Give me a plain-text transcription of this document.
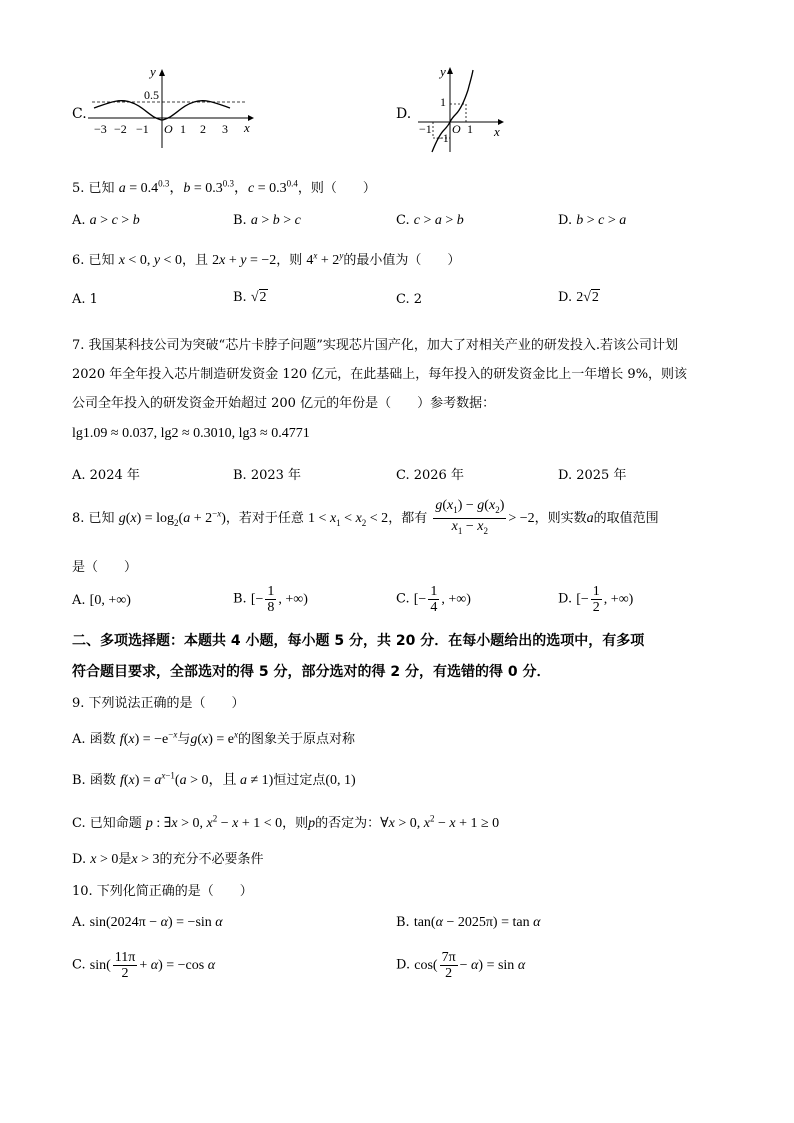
C.
y
0.5
x
−3 −2 −1 O 1 2 3
D.
y
1
−1	x
−1 O 1
5. 已知 $a = 0.4^{0.3}$，$b = 0.3^{0.3}$，$c = 0.3^{0.4}$，则（　　）
A. a > c > b	B. a > b > c	C. c > a > b	D. b > c > a
6. 已知 x < 0, y < 0，且 2x + y = −2，则 $4^x + 2^y$的最小值为（　　）
A. 1	B. √2	C. 2	D. 2√2
7. 我国某科技公司为突破“芯片卡脖子问题”实现芯片国产化，加大了对相关产业的研发投入.若该公司计划
2020 年全年投入芯片制造研发资金 120 亿元，在此基础上，每年投入的研发资金比上一年增长 9%，则该
公司全年投入的研发资金开始超过 200 亿元的年份是（　　）参考数据：
lg1.09 ≈ 0.037, lg2 ≈ 0.3010, lg3 ≈ 0.4771
A. 2024 年	B. 2023 年	C. 2026 年	D. 2025 年
8. 已知 $g(x) = \log_2(a + 2^{-x})$，若对于任意 $1 < x_1 < x_2 < 2$，都有 $\frac{g(x_1) - g(x_2)}{x_1 - x_2} > -2$，则实数a的取值范围
是（　　）
A. [0, +∞)	B. [− $\frac{1}{8}$ , +∞)	C. [− $\frac{1}{4}$ , +∞)	D. [− $\frac{1}{2}$ , +∞)
二、多项选择题：本题共 4 小题，每小题 5 分，共 20 分．在每小题给出的选项中，有多项
符合题目要求，全部选对的得 5 分，部分选对的得 2 分，有选错的得 0 分．
9. 下列说法正确的是（　　）
A. 函数 $f(x) = -e^{-x}$与$g(x) = e^x$的图象关于原点对称
B. 函数 $f(x) = a^{x-1}(a > 0$，且 a ≠ 1)恒过定点(0, 1)
C. 已知命题 p : ∃x > 0, $x^2 - x + 1 < 0$，则p的否定为：∀x > 0, $x^2 - x + 1 \ge 0$
D. x > 0是x > 3的充分不必要条件
10. 下列化简正确的是（　　）
A. sin(2024π − α) = −sin α	B. tan(α − 2025π) = tan α
C. $\sin( \frac{11\pi}{2} + \alpha) = -\cos$ α	D. $\cos( \frac{7\pi}{2} - \alpha) = \sin \alpha$
